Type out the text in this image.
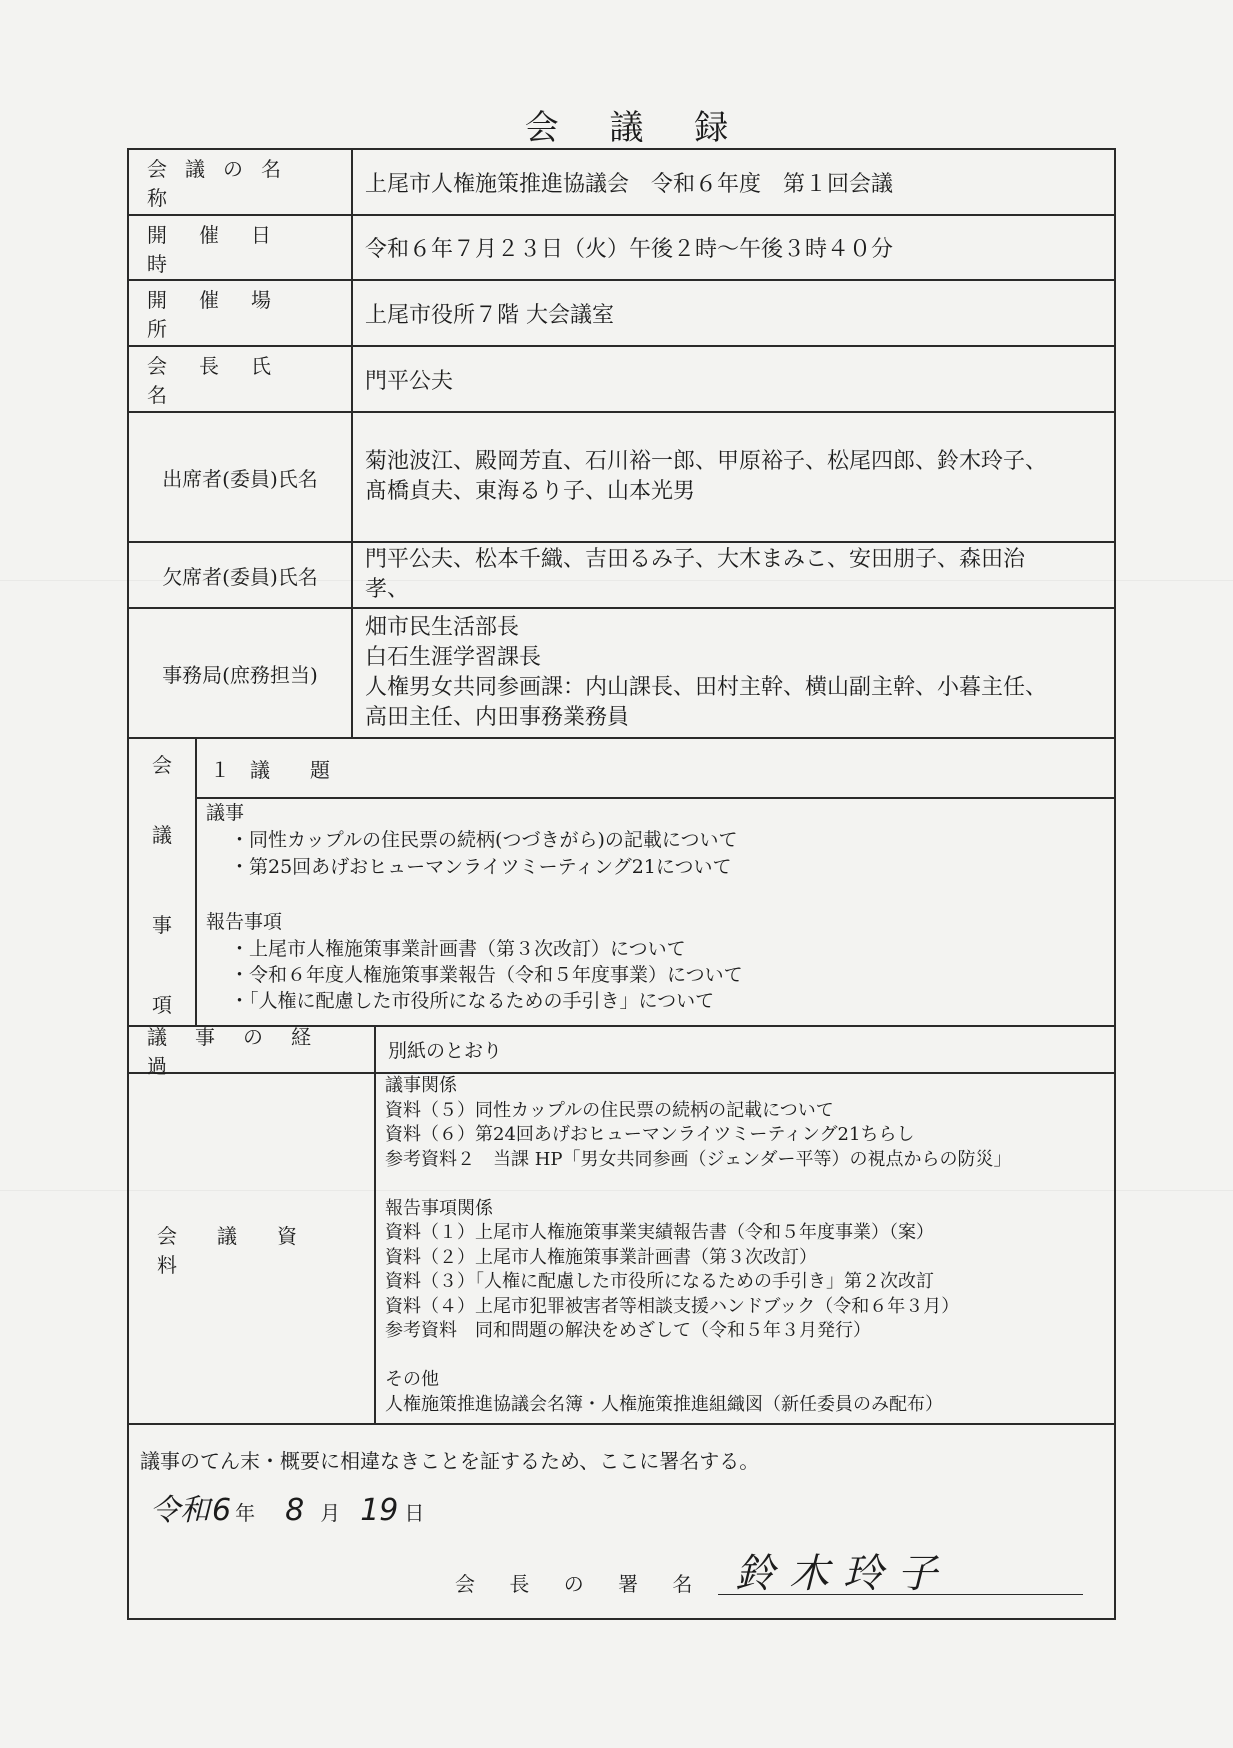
会 議 録
会議の名称
上尾市人権施策推進協議会　令和６年度　第１回会議
開催日時
令和６年７月２３日（火）午後２時～午後３時４０分
開催場所
上尾市役所７階 大会議室
会長氏名
門平公夫
出席者(委員)氏名
菊池波江、殿岡芳直、石川裕一郎、甲原裕子、松尾四郎、鈴木玲子、
髙橋貞夫、東海るり子、山本光男
欠席者(委員)氏名
門平公夫、松本千織、吉田るみ子、大木まみこ、安田朋子、森田治
孝、
事務局(庶務担当)
畑市民生活部長
白石生涯学習課長
人権男女共同参画課：内山課長、田村主幹、横山副主幹、小暮主任、
高田主任、内田事務業務員
会
議
事
項
１　議　　題
議事
・同性カップルの住民票の続柄(つづきがら)の記載について
・第25回あげおヒューマンライツミーティング21について
報告事項
・上尾市人権施策事業計画書（第３次改訂）について
・令和６年度人権施策事業報告（令和５年度事業）について
・「人権に配慮した市役所になるための手引き」について
議事の経過
別紙のとおり
会議資料
議事関係
資料（５）同性カップルの住民票の続柄の記載について
資料（６）第24回あげおヒューマンライツミーティング21ちらし
参考資料２　当課 HP「男女共同参画（ジェンダー平等）の視点からの防災」
報告事項関係
資料（１）上尾市人権施策事業実績報告書（令和５年度事業）（案）
資料（２）上尾市人権施策事業計画書（第３次改訂）
資料（３）「人権に配慮した市役所になるための手引き」第２次改訂
資料（４）上尾市犯罪被害者等相談支援ハンドブック（令和６年３月）
参考資料　同和問題の解決をめざして（令和５年３月発行）
その他
人権施策推進協議会名簿・人権施策推進組織図（新任委員のみ配布）
議事のてん末・概要に相違なきことを証するため、ここに署名する。
令和 6 年 8 月 19 日
会 長 の 署 名 鈴木玲子
